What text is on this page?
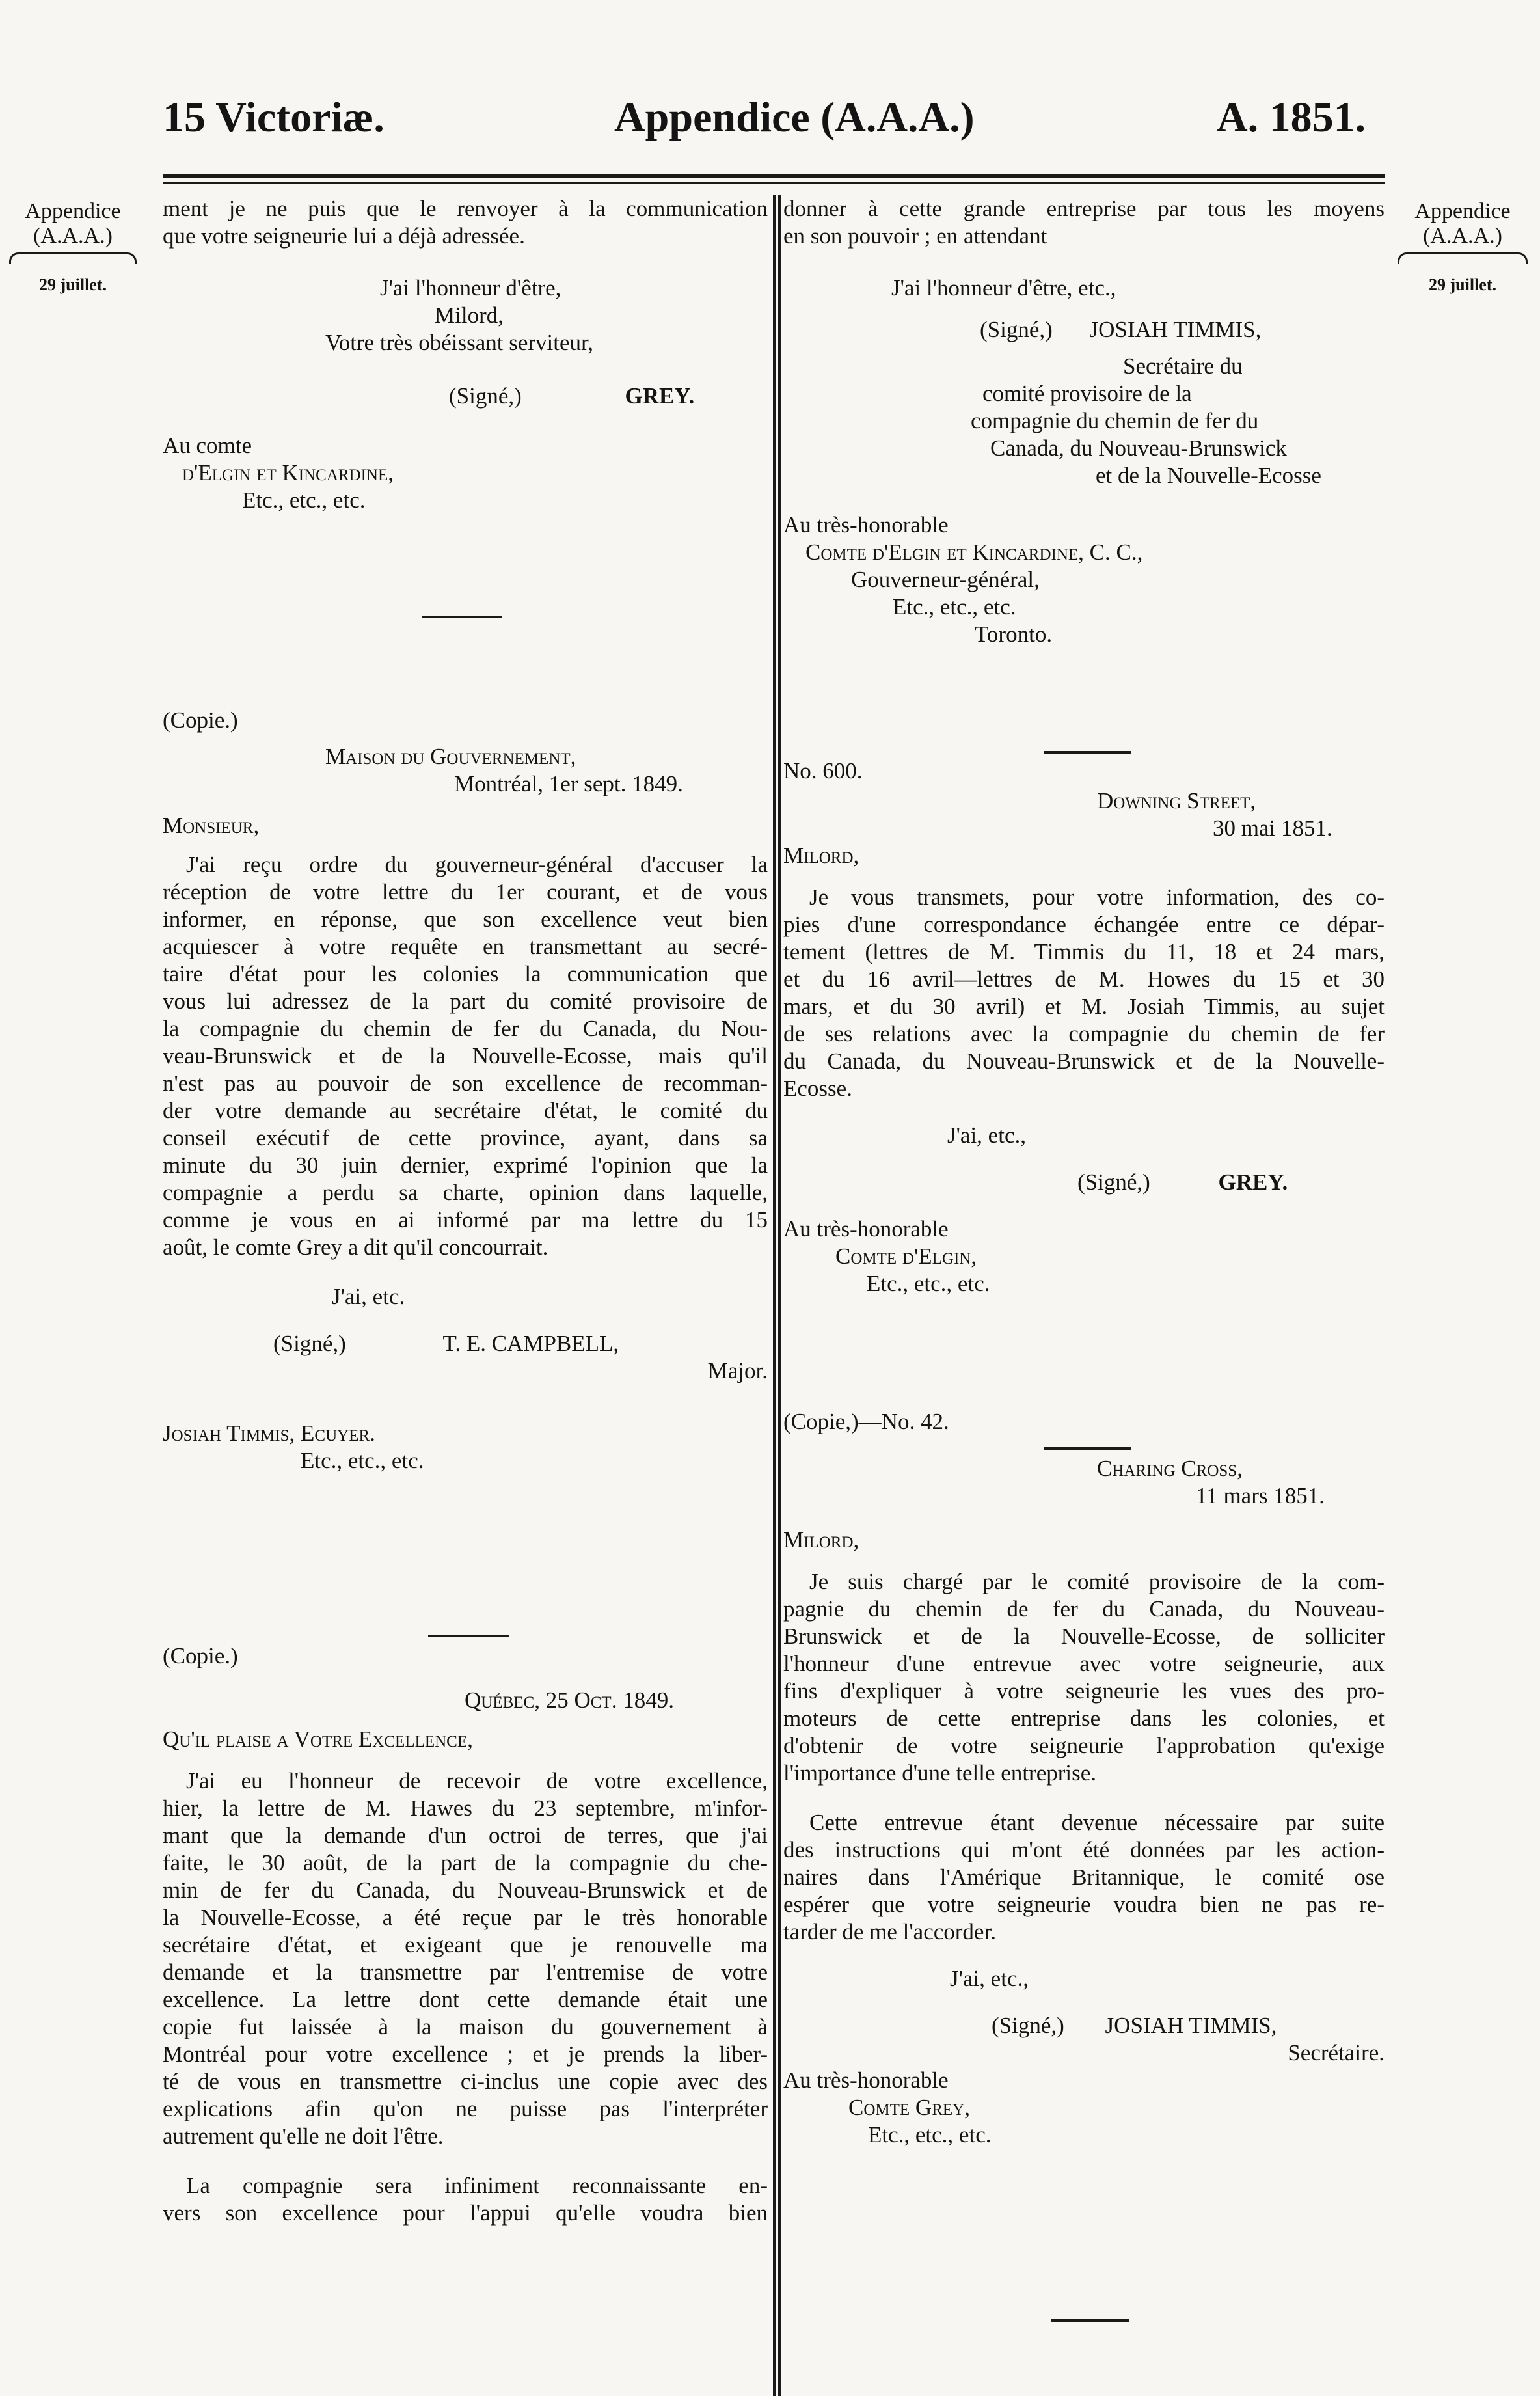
15 Victoriæ.	Appendice (A.A.A.)	A. 1851.
Appendice
(A.A.A.)
29 juillet.
Appendice
(A.A.A.)
29 juillet.
ment je ne puis que le renvoyer à la communication
que votre seigneurie lui a déjà adressée.
J'ai l'honneur d'être,
Milord,
Votre très obéissant serviteur,
(Signé,)	GREY.
Au comte
d'Elgin et Kincardine,
Etc., etc., etc.
(Copie.)
Maison du Gouvernement,
Montréal, 1er sept. 1849.
Monsieur,
J'ai reçu ordre du gouverneur-général d'accuser la
réception de votre lettre du 1er courant, et de vous
informer, en réponse, que son excellence veut bien
acquiescer à votre requête en transmettant au secré-
taire d'état pour les colonies la communication que
vous lui adressez de la part du comité provisoire de
la compagnie du chemin de fer du Canada, du Nou-
veau-Brunswick et de la Nouvelle-Ecosse, mais qu'il
n'est pas au pouvoir de son excellence de recomman-
der votre demande au secrétaire d'état, le comité du
conseil exécutif de cette province, ayant, dans sa
minute du 30 juin dernier, exprimé l'opinion que la
compagnie a perdu sa charte, opinion dans laquelle,
comme je vous en ai informé par ma lettre du 15
août, le comte Grey a dit qu'il concourrait.
J'ai, etc.
(Signé,)	T. E. CAMPBELL,
Major.
Josiah Timmis, Ecuyer.
Etc., etc., etc.
(Copie.)
Québec, 25 Oct. 1849.
Qu'il plaise a Votre Excellence,
J'ai eu l'honneur de recevoir de votre excellence,
hier, la lettre de M. Hawes du 23 septembre, m'infor-
mant que la demande d'un octroi de terres, que j'ai
faite, le 30 août, de la part de la compagnie du che-
min de fer du Canada, du Nouveau-Brunswick et de
la Nouvelle-Ecosse, a été reçue par le très honorable
secrétaire d'état, et exigeant que je renouvelle ma
demande et la transmettre par l'entremise de votre
excellence. La lettre dont cette demande était une
copie fut laissée à la maison du gouvernement à
Montréal pour votre excellence ; et je prends la liber-
té de vous en transmettre ci-inclus une copie avec des
explications afin qu'on ne puisse pas l'interpréter
autrement qu'elle ne doit l'être.
La compagnie sera infiniment reconnaissante en-
vers son excellence pour l'appui qu'elle voudra bien
donner à cette grande entreprise par tous les moyens
en son pouvoir ; en attendant
J'ai l'honneur d'être, etc.,
(Signé,) JOSIAH TIMMIS,
Secrétaire du
comité provisoire de la
compagnie du chemin de fer du
Canada, du Nouveau-Brunswick
et de la Nouvelle-Ecosse
Au très-honorable
Comte d'Elgin et Kincardine, C. C.,
Gouverneur-général,
Etc., etc., etc.
Toronto.
No. 600.
Downing Street,
30 mai 1851.
Milord,
Je vous transmets, pour votre information, des co-
pies d'une correspondance échangée entre ce dépar-
tement (lettres de M. Timmis du 11, 18 et 24 mars,
et du 16 avril—lettres de M. Howes du 15 et 30
mars, et du 30 avril) et M. Josiah Timmis, au sujet
de ses relations avec la compagnie du chemin de fer
du Canada, du Nouveau-Brunswick et de la Nouvelle-
Ecosse.
J'ai, etc.,
(Signé,)	GREY.
Au très-honorable
Comte d'Elgin,
Etc., etc., etc.
(Copie,)—No. 42.
Charing Cross,
11 mars 1851.
Milord,
Je suis chargé par le comité provisoire de la com-
pagnie du chemin de fer du Canada, du Nouveau-
Brunswick et de la Nouvelle-Ecosse, de solliciter
l'honneur d'une entrevue avec votre seigneurie, aux
fins d'expliquer à votre seigneurie les vues des pro-
moteurs de cette entreprise dans les colonies, et
d'obtenir de votre seigneurie l'approbation qu'exige
l'importance d'une telle entreprise.
Cette entrevue étant devenue nécessaire par suite
des instructions qui m'ont été données par les action-
naires dans l'Amérique Britannique, le comité ose
espérer que votre seigneurie voudra bien ne pas re-
tarder de me l'accorder.
J'ai, etc.,
(Signé,) JOSIAH TIMMIS,
Secrétaire.
Au très-honorable
Comte Grey,
Etc., etc., etc.
